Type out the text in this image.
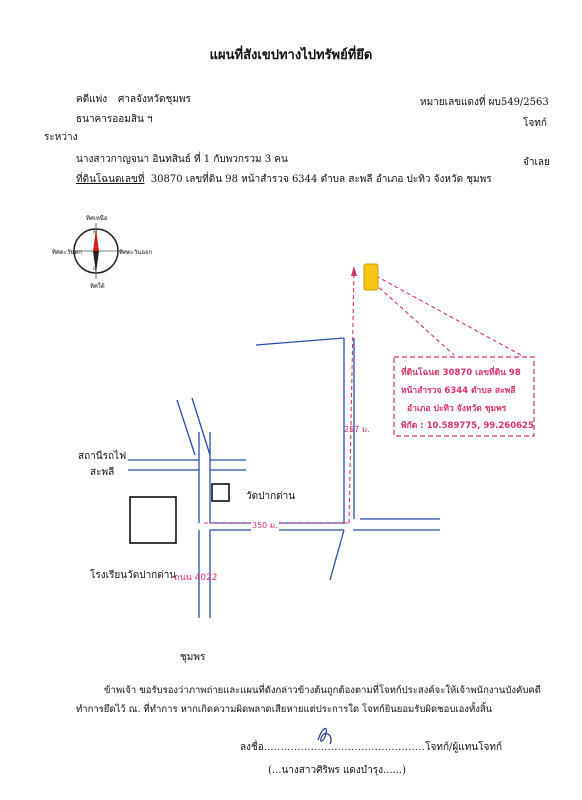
แผนที่สังเขปทางไปทรัพย์ที่ยึด
คดีแพ่ง ศาลจังหวัดชุมพร	หมายเลขแดงที่ ผบ549/2563
ธนาคารออมสิน ฯ	โจทก์
ระหว่าง
นางสาวกาญจนา อินทสินธ์ ที่ 1 กับพวกรวม 3 คน	จำเลย
ที่ดินโฉนดเลขที่ 30870 เลขที่ดิน 98 หน้าสำรวจ 6344 ตำบล สะพลี อำเภอ ปะทิว จังหวัด ชุมพร
ทิศเหนือ
ทิศใต้
ทิศตะวันตก	ทิศตะวันออก
N
S
สถานีรถไฟ
สะพลี
วัดปากด่าน
โรงเรียนวัดปากด่าน
ชุมพร
ถนน 4022
350 ม.
257 ม.
ที่ดินโฉนด 30870 เลขที่ดิน 98
หน้าสำรวจ 6344 ตำบล สะพลี
อำเภอ ปะทิว จังหวัด ชุมพร
พิกัด : 10.589775, 99.260625
ข้าพเจ้า ขอรับรองว่าภาพถ่ายและแผนที่ดังกล่าวข้างต้นถูกต้องตามที่โจทก์ประสงค์จะให้เจ้าพนักงานบังคับคดี
ทำการยึดไว้ ณ. ที่ทำการ หากเกิดความผิดพลาดเสียหายแต่ประการใด โจทก์ยินยอมรับผิดชอบเองทั้งสิ้น
ลงชื่อ................................................โจทก์/ผู้แทนโจทก์
(...นางสาวศิริพร แดงบำรุง......)
